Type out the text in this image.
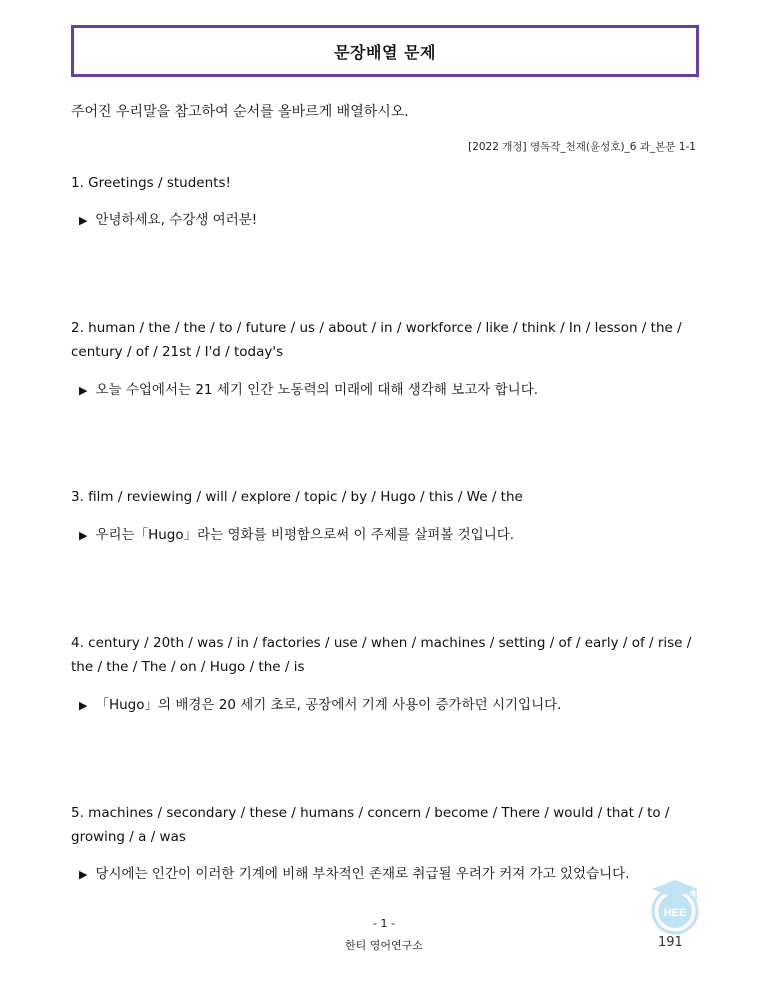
문장배열 문제
주어진 우리말을 참고하여 순서를 올바르게 배열하시오.
[2022 개정] 영독작_천재(윤성호)_6 과_본문 1-1
1. Greetings / students!
▶ 안녕하세요, 수강생 여러분!
2. human / the / the / to / future / us / about / in / workforce / like / think / In / lesson / the / century / of / 21st / I'd / today's
▶ 오늘 수업에서는 21 세기 인간 노동력의 미래에 대해 생각해 보고자 합니다.
3. film / reviewing / will / explore / topic / by / Hugo / this / We / the
▶ 우리는「Hugo」라는 영화를 비평함으로써 이 주제를 살펴볼 것입니다.
4. century / 20th / was / in / factories / use / when / machines / setting / of / early / of / rise / the / the / The / on / Hugo / the / is
▶ 「Hugo」의 배경은 20 세기 초로, 공장에서 기계 사용이 증가하던 시기입니다.
5. machines / secondary / these / humans / concern / become / There / would / that / to / growing / a / was
▶ 당시에는 인간이 이러한 기계에 비해 부차적인 존재로 취급될 우려가 커져 가고 있었습니다.
HEE
191
- 1 -
한티 영어연구소
